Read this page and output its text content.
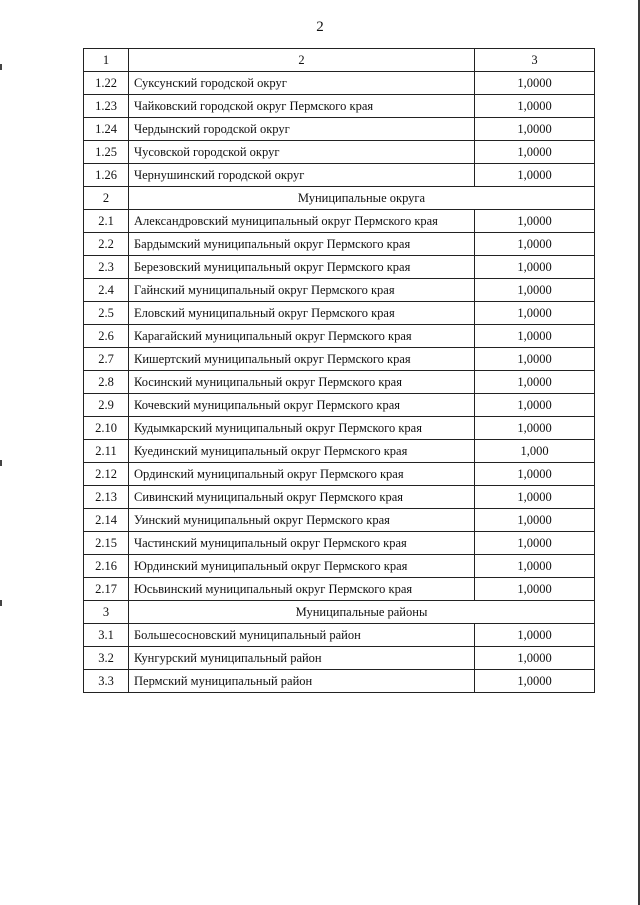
2
1	2	3
1.22	Суксунский городской округ	1,0000
1.23	Чайковский городской округ Пермского края	1,0000
1.24	Чердынский городской округ	1,0000
1.25	Чусовской городской округ	1,0000
1.26	Чернушинский городской округ	1,0000
2	Муниципальные округа	
2.1	Александровский муниципальный округ Пермского края	1,0000
2.2	Бардымский муниципальный округ Пермского края	1,0000
2.3	Березовский муниципальный округ Пермского края	1,0000
2.4	Гайнский муниципальный округ Пермского края	1,0000
2.5	Еловский муниципальный округ Пермского края	1,0000
2.6	Карагайский муниципальный округ Пермского края	1,0000
2.7	Кишертский муниципальный округ Пермского края	1,0000
2.8	Косинский муниципальный округ Пермского края	1,0000
2.9	Кочевский муниципальный округ Пермского края	1,0000
2.10	Кудымкарский муниципальный округ Пермского края	1,0000
2.11	Куединский муниципальный округ Пермского края	1,000
2.12	Ординский муниципальный округ Пермского края	1,0000
2.13	Сивинский муниципальный округ Пермского края	1,0000
2.14	Уинский муниципальный округ Пермского края	1,0000
2.15	Частинский муниципальный округ Пермского края	1,0000
2.16	Юрдинский муниципальный округ Пермского края	1,0000
2.17	Юсьвинский муниципальный округ Пермского края	1,0000
3	Муниципальные районы	
3.1	Большесосновский муниципальный район	1,0000
3.2	Кунгурский муниципальный район	1,0000
3.3	Пермский муниципальный район	1,0000
